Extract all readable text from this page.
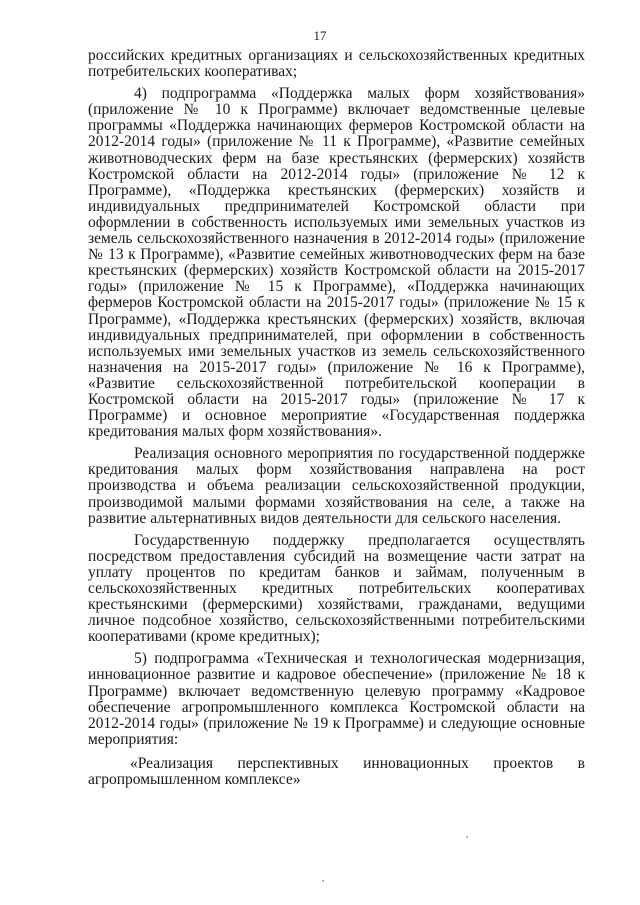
17

российских кредитных организациях и сельскохозяйственных кредитных потребительских кооперативах;

4) подпрограмма «Поддержка малых форм хозяйствования» (приложение № 10 к Программе) включает ведомственные целевые программы «Поддержка начинающих фермеров Костромской области на 2012-2014 годы» (приложение № 11 к Программе), «Развитие семейных животноводческих ферм на базе крестьянских (фермерских) хозяйств Костромской области на 2012-2014 годы» (приложение № 12 к Программе), «Поддержка крестьянских (фермерских) хозяйств и индивидуальных предпринимателей Костромской области при оформлении в собственность используемых ими земельных участков из земель сельскохозяйственного назначения в 2012-2014 годы» (приложение № 13 к Программе), «Развитие семейных животноводческих ферм на базе крестьянских (фермерских) хозяйств Костромской области на 2015-2017 годы» (приложение № 15 к Программе), «Поддержка начинающих фермеров Костромской области на 2015-2017 годы» (приложение № 15 к Программе), «Поддержка крестьянских (фермерских) хозяйств, включая индивидуальных предпринимателей, при оформлении в собственность используемых ими земельных участков из земель сельскохозяйственного назначения на 2015-2017 годы» (приложение № 16 к Программе), «Развитие сельскохозяйственной потребительской кооперации в Костромской области на 2015-2017 годы» (приложение № 17 к Программе) и основное мероприятие «Государственная поддержка кредитования малых форм хозяйствования».

Реализация основного мероприятия по государственной поддержке кредитования малых форм хозяйствования направлена на рост производства и объема реализации сельскохозяйственной продукции, производимой малыми формами хозяйствования на селе, а также на развитие альтернативных видов деятельности для сельского населения.

Государственную поддержку предполагается осуществлять посредством предоставления субсидий на возмещение части затрат на уплату процентов по кредитам банков и займам, полученным в сельскохозяйственных кредитных потребительских кооперативах крестьянскими (фермерскими) хозяйствами, гражданами, ведущими личное подсобное хозяйство, сельскохозяйственными потребительскими кооперативами (кроме кредитных);

5) подпрограмма «Техническая и технологическая модернизация, инновационное развитие и кадровое обеспечение» (приложение № 18 к Программе) включает ведомственную целевую программу «Кадровое обеспечение агропромышленного комплекса Костромской области на 2012-2014 годы» (приложение № 19 к Программе) и следующие основные мероприятия:

«Реализация перспективных инновационных проектов в агропромышленном комплексе»
